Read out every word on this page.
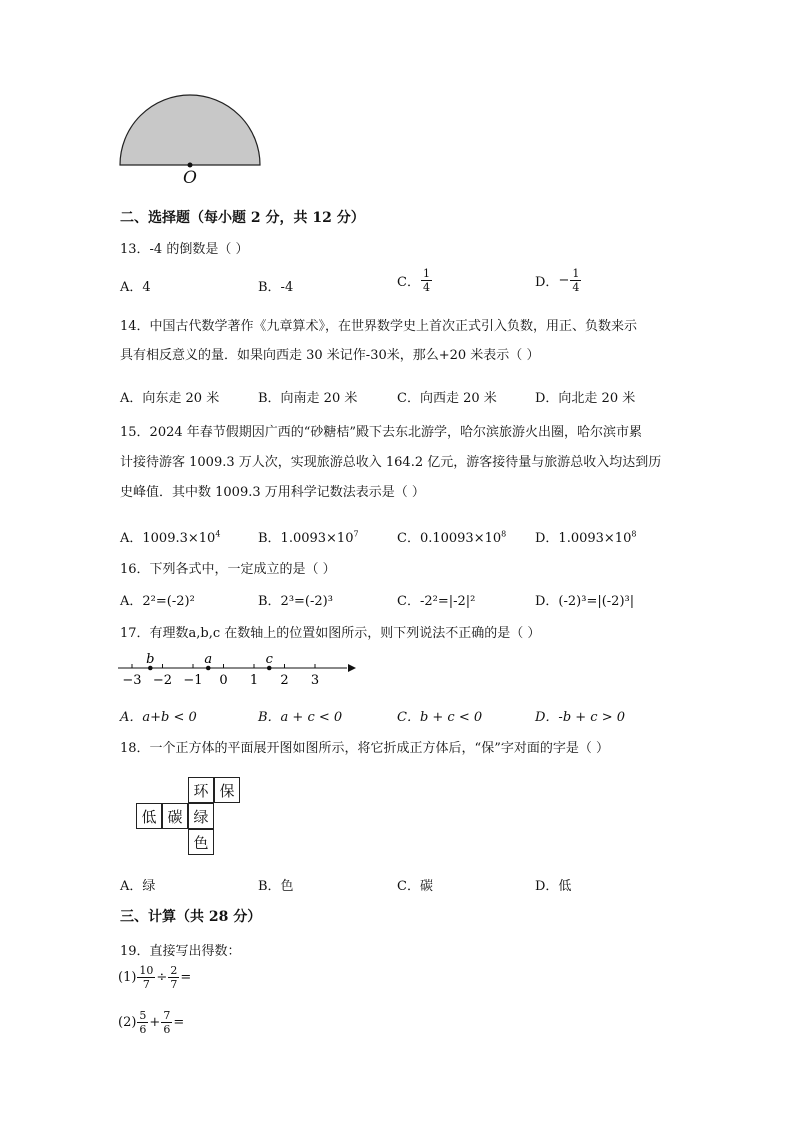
O
二、选择题（每小题 2 分，共 12 分）
13．-4 的倒数是（ ）
A．4	B．-4	C． $\frac{1}{4}$	D．− $\frac{1}{4}$
14．中国古代数学著作《九章算术》，在世界数学史上首次正式引入负数，用正、负数来示
具有相反意义的量．如果向西走 30 米记作-30米，那么+20 米表示（ ）
A．向东走 20 米	B．向南走 20 米	C．向西走 20 米	D．向北走 20 米
15．2024 年春节假期因广西的“砂糖桔”殿下去东北游学，哈尔滨旅游火出圈，哈尔滨市累
计接待游客 1009.3 万人次，实现旅游总收入 164.2 亿元，游客接待量与旅游总收入均达到历
史峰值．其中数 1009.3 万用科学记数法表示是（ ）
A．$1009.3\times 10^4$	B．$1.0093\times 10^7$	C．$0.10093\times 10^8$ D．$1.0093\times 10^8$
16．下列各式中，一定成立的是（ ）
A．2²=(-2)²	B．2³=(-2)³	C．-2²=|-2|²	D．(-2)³=|(-2)³|
17．有理数a,b,c 在数轴上的位置如图所示，则下列说法不正确的是（ ）
−3 −2 −1 0 1 2 3
b	a	c
A．a+b < 0	B．a + c < 0	C．b + c < 0	D．-b + c > 0
18．一个正方体的平面展开图如图所示，将它折成正方体后，“保”字对面的字是（ ）
环 保
低 碳 绿
色
A．绿	B．色	C．碳	D．低
三、计算（共 28 分）
19．直接写出得数：
$(1) \frac{10}{7} \div \frac{2}{7}$ =
$(2) \frac{5}{6} + \frac{7}{6}$ =
